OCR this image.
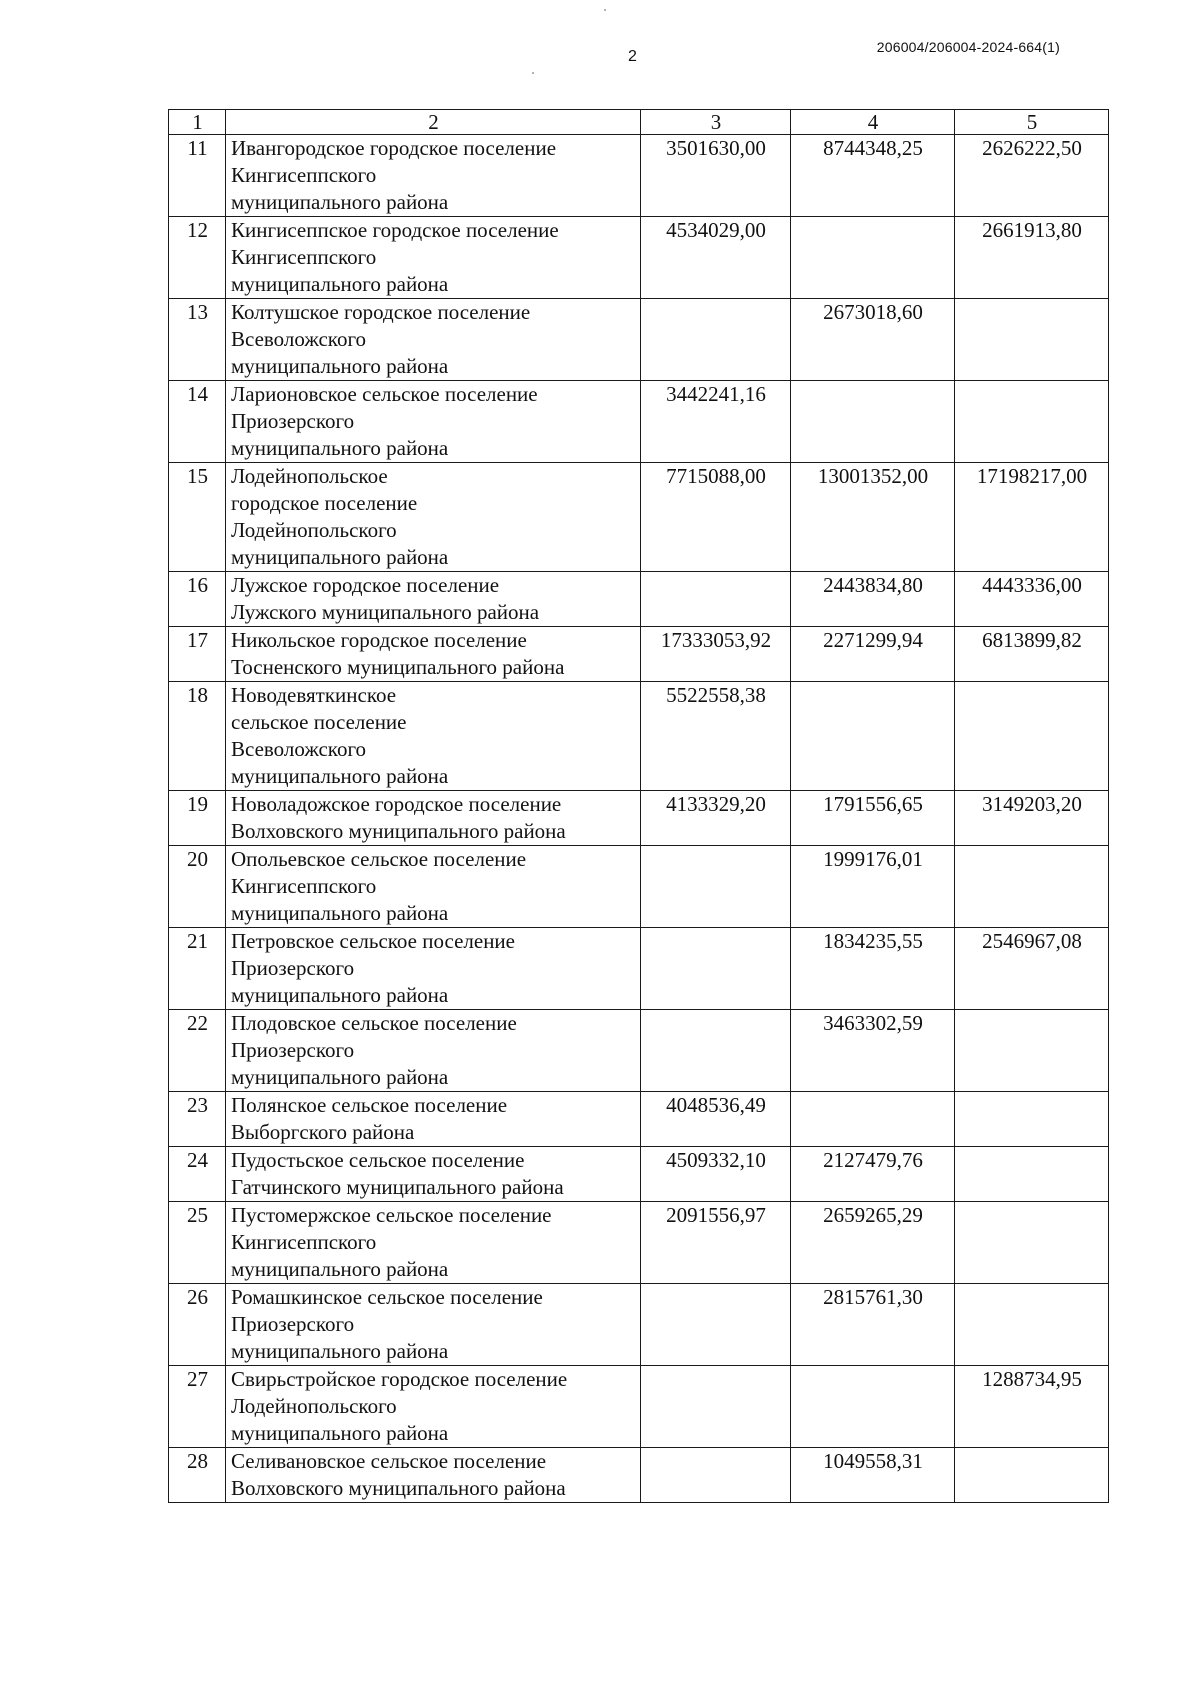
2
206004/206004-2024-664(1)
1	2	3	4	5
11	Ивангородское городское поселение
Кингисеппского
муниципального района	3501630,00	8744348,25	2626222,50
12	Кингисеппское городское поселение
Кингисеппского
муниципального района	4534029,00		2661913,80
13	Колтушское городское поселение
Всеволожского
муниципального района		2673018,60	
14	Ларионовское сельское поселение
Приозерского
муниципального района	3442241,16		
15	Лодейнопольское
городское поселение
Лодейнопольского
муниципального района	7715088,00	13001352,00	17198217,00
16	Лужское городское поселение
Лужского муниципального района		2443834,80	4443336,00
17	Никольское городское поселение
Тосненского муниципального района	17333053,92	2271299,94	6813899,82
18	Новодевяткинское
сельское поселение
Всеволожского
муниципального района	5522558,38		
19	Новоладожское городское поселение
Волховского муниципального района	4133329,20	1791556,65	3149203,20
20	Опольевское сельское поселение
Кингисеппского
муниципального района		1999176,01	
21	Петровское сельское поселение
Приозерского
муниципального района		1834235,55	2546967,08
22	Плодовское сельское поселение
Приозерского
муниципального района		3463302,59	
23	Полянское сельское поселение
Выборгского района	4048536,49		
24	Пудостьское сельское поселение
Гатчинского муниципального района	4509332,10	2127479,76	
25	Пустомержское сельское поселение
Кингисеппского
муниципального района	2091556,97	2659265,29	
26	Ромашкинское сельское поселение
Приозерского
муниципального района		2815761,30	
27	Свирьстройское городское поселение
Лодейнопольского
муниципального района			1288734,95
28	Селивановское сельское поселение
Волховского муниципального района		1049558,31	
